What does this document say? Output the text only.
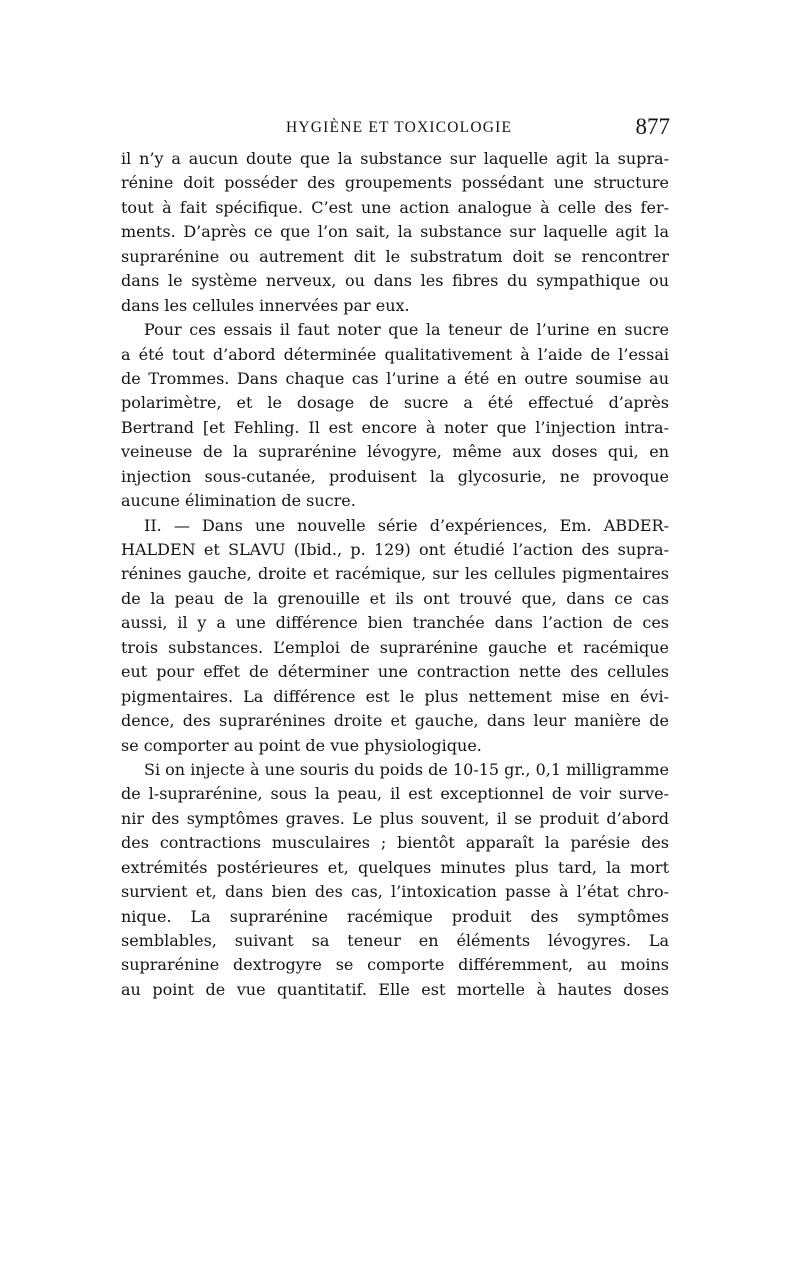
HYGIÈNE ET TOXICOLOGIE	877
il n’y a aucun doute que la substance sur laquelle agit la supra-
rénine doit posséder des groupements possédant une structure
tout à fait spécifique. C’est une action analogue à celle des fer-
ments. D’après ce que l’on sait, la substance sur laquelle agit la
suprarénine ou autrement dit le substratum doit se rencontrer
dans le système nerveux, ou dans les fibres du sympathique ou
dans les cellules innervées par eux.
Pour ces essais il faut noter que la teneur de l’urine en sucre
a été tout d’abord déterminée qualitativement à l’aide de l’essai
de Trommes. Dans chaque cas l’urine a été en outre soumise au
polarimètre, et le dosage de sucre a été effectué d’après
Bertrand [et Fehling. Il est encore à noter que l’injection intra-
veineuse de la suprarénine lévogyre, même aux doses qui, en
injection sous-cutanée, produisent la glycosurie, ne provoque
aucune élimination de sucre.
II. — Dans une nouvelle série d’expériences, Em. ABDER-
HALDEN et SLAVU (Ibid., p. 129) ont étudié l’action des supra-
rénines gauche, droite et racémique, sur les cellules pigmentaires
de la peau de la grenouille et ils ont trouvé que, dans ce cas
aussi, il y a une différence bien tranchée dans l’action de ces
trois substances. L’emploi de suprarénine gauche et racémique
eut pour effet de déterminer une contraction nette des cellules
pigmentaires. La différence est le plus nettement mise en évi-
dence, des suprarénines droite et gauche, dans leur manière de
se comporter au point de vue physiologique.
Si on injecte à une souris du poids de 10-15 gr., 0,1 milligramme
de l-suprarénine, sous la peau, il est exceptionnel de voir surve-
nir des symptômes graves. Le plus souvent, il se produit d’abord
des contractions musculaires ; bientôt apparaît la parésie des
extrémités postérieures et, quelques minutes plus tard, la mort
survient et, dans bien des cas, l’intoxication passe à l’état chro-
nique. La suprarénine racémique produit des symptômes
semblables, suivant sa teneur en éléments lévogyres. La
suprarénine dextrogyre se comporte différemment, au moins
au point de vue quantitatif. Elle est mortelle à hautes doses
